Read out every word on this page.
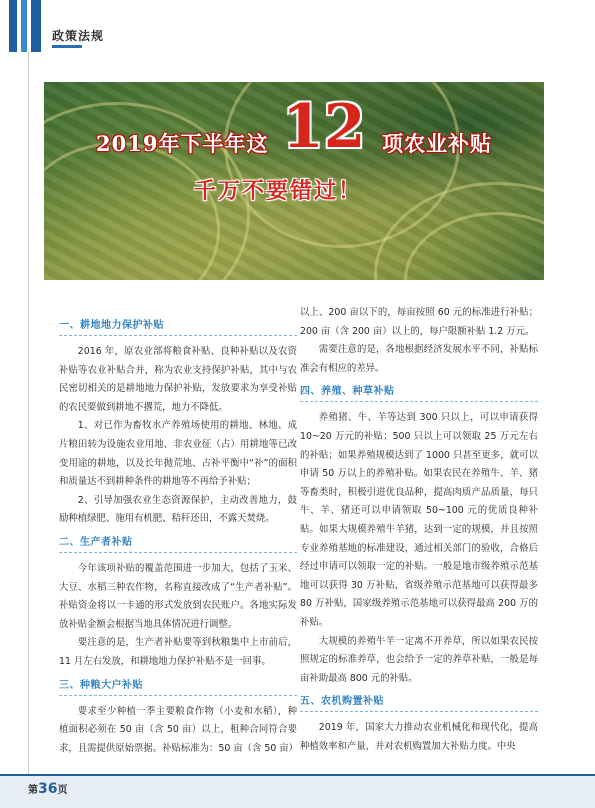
政策法规
2019年下半年这 12 项农业补贴
千万不要错过！
一、耕地地力保护补贴

2016 年，原农业部将粮食补贴、良种补贴以及农资补贴等农业补贴合并，称为农业支持保护补贴，其中与农民密切相关的是耕地地力保护补贴，发放要求为享受补贴的农民要做到耕地不撂荒，地力不降低。

1、对已作为畜牧水产养殖场使用的耕地、林地、成片粮田转为设施农业用地、非农业征（占）用耕地等已改变用途的耕地，以及长年抛荒地、占补平衡中“补”的面积和质量达不到耕种条件的耕地等不再给予补贴；

2、引导加强农业生态资源保护，主动改善地力，鼓励种植绿肥、施用有机肥、秸秆还田，不露天焚烧。

二、生产者补贴

今年该项补贴的覆盖范围进一步加大，包括了玉米、大豆、水稻三种农作物，名称直接改成了“生产者补贴”。补贴资金将以一卡通的形式发放到农民账户。各地实际发放补贴金额会根据当地具体情况进行调整。

要注意的是，生产者补贴要等到秋粮集中上市前后，11 月左右发放，和耕地地力保护补贴不是一回事。

三、种粮大户补贴

要求至少种植一季主要粮食作物（小麦和水稻），种植面积必须在 50 亩（含 50 亩）以上，租种合同符合要求，且需提供原始票据。补贴标准为：50 亩（含 50 亩）

以上、200 亩以下的，每亩按照 60 元的标准进行补贴；200 亩（含 200 亩）以上的，每户限额补贴 1.2 万元。

需要注意的是，各地根据经济发展水平不同，补贴标准会有相应的差异。

四、养殖、种草补贴

养殖猪、牛、羊等达到 300 只以上，可以申请获得 10~20 万元的补贴；500 只以上可以领取 25 万元左右的补贴；如果养殖规模达到了 1000 只甚至更多，就可以申请 50 万以上的养殖补贴。如果农民在养殖牛、羊、猪等畜类时，积极引进优良品种，提高肉质产品质量，每只牛、羊、猪还可以申请领取 50~100 元的优质良种补贴。如果大规模养殖牛羊猪，达到一定的规模，并且按照专业养殖基地的标准建设，通过相关部门的验收，合格后经过申请可以领取一定的补贴。一般是地市级养殖示范基地可以获得 30 万补贴，省级养殖示范基地可以获得最多 80 万补贴，国家级养殖示范基地可以获得最高 200 万的补贴。

大规模的养殖牛羊一定离不开养草，所以如果农民按照规定的标准养草，也会给予一定的养草补贴，一般是每亩补助最高 800 元的补贴。

五、农机购置补贴

2019 年，国家大力推动农业机械化和现代化，提高种植效率和产量，并对农机购置加大补贴力度。中央

第36页
